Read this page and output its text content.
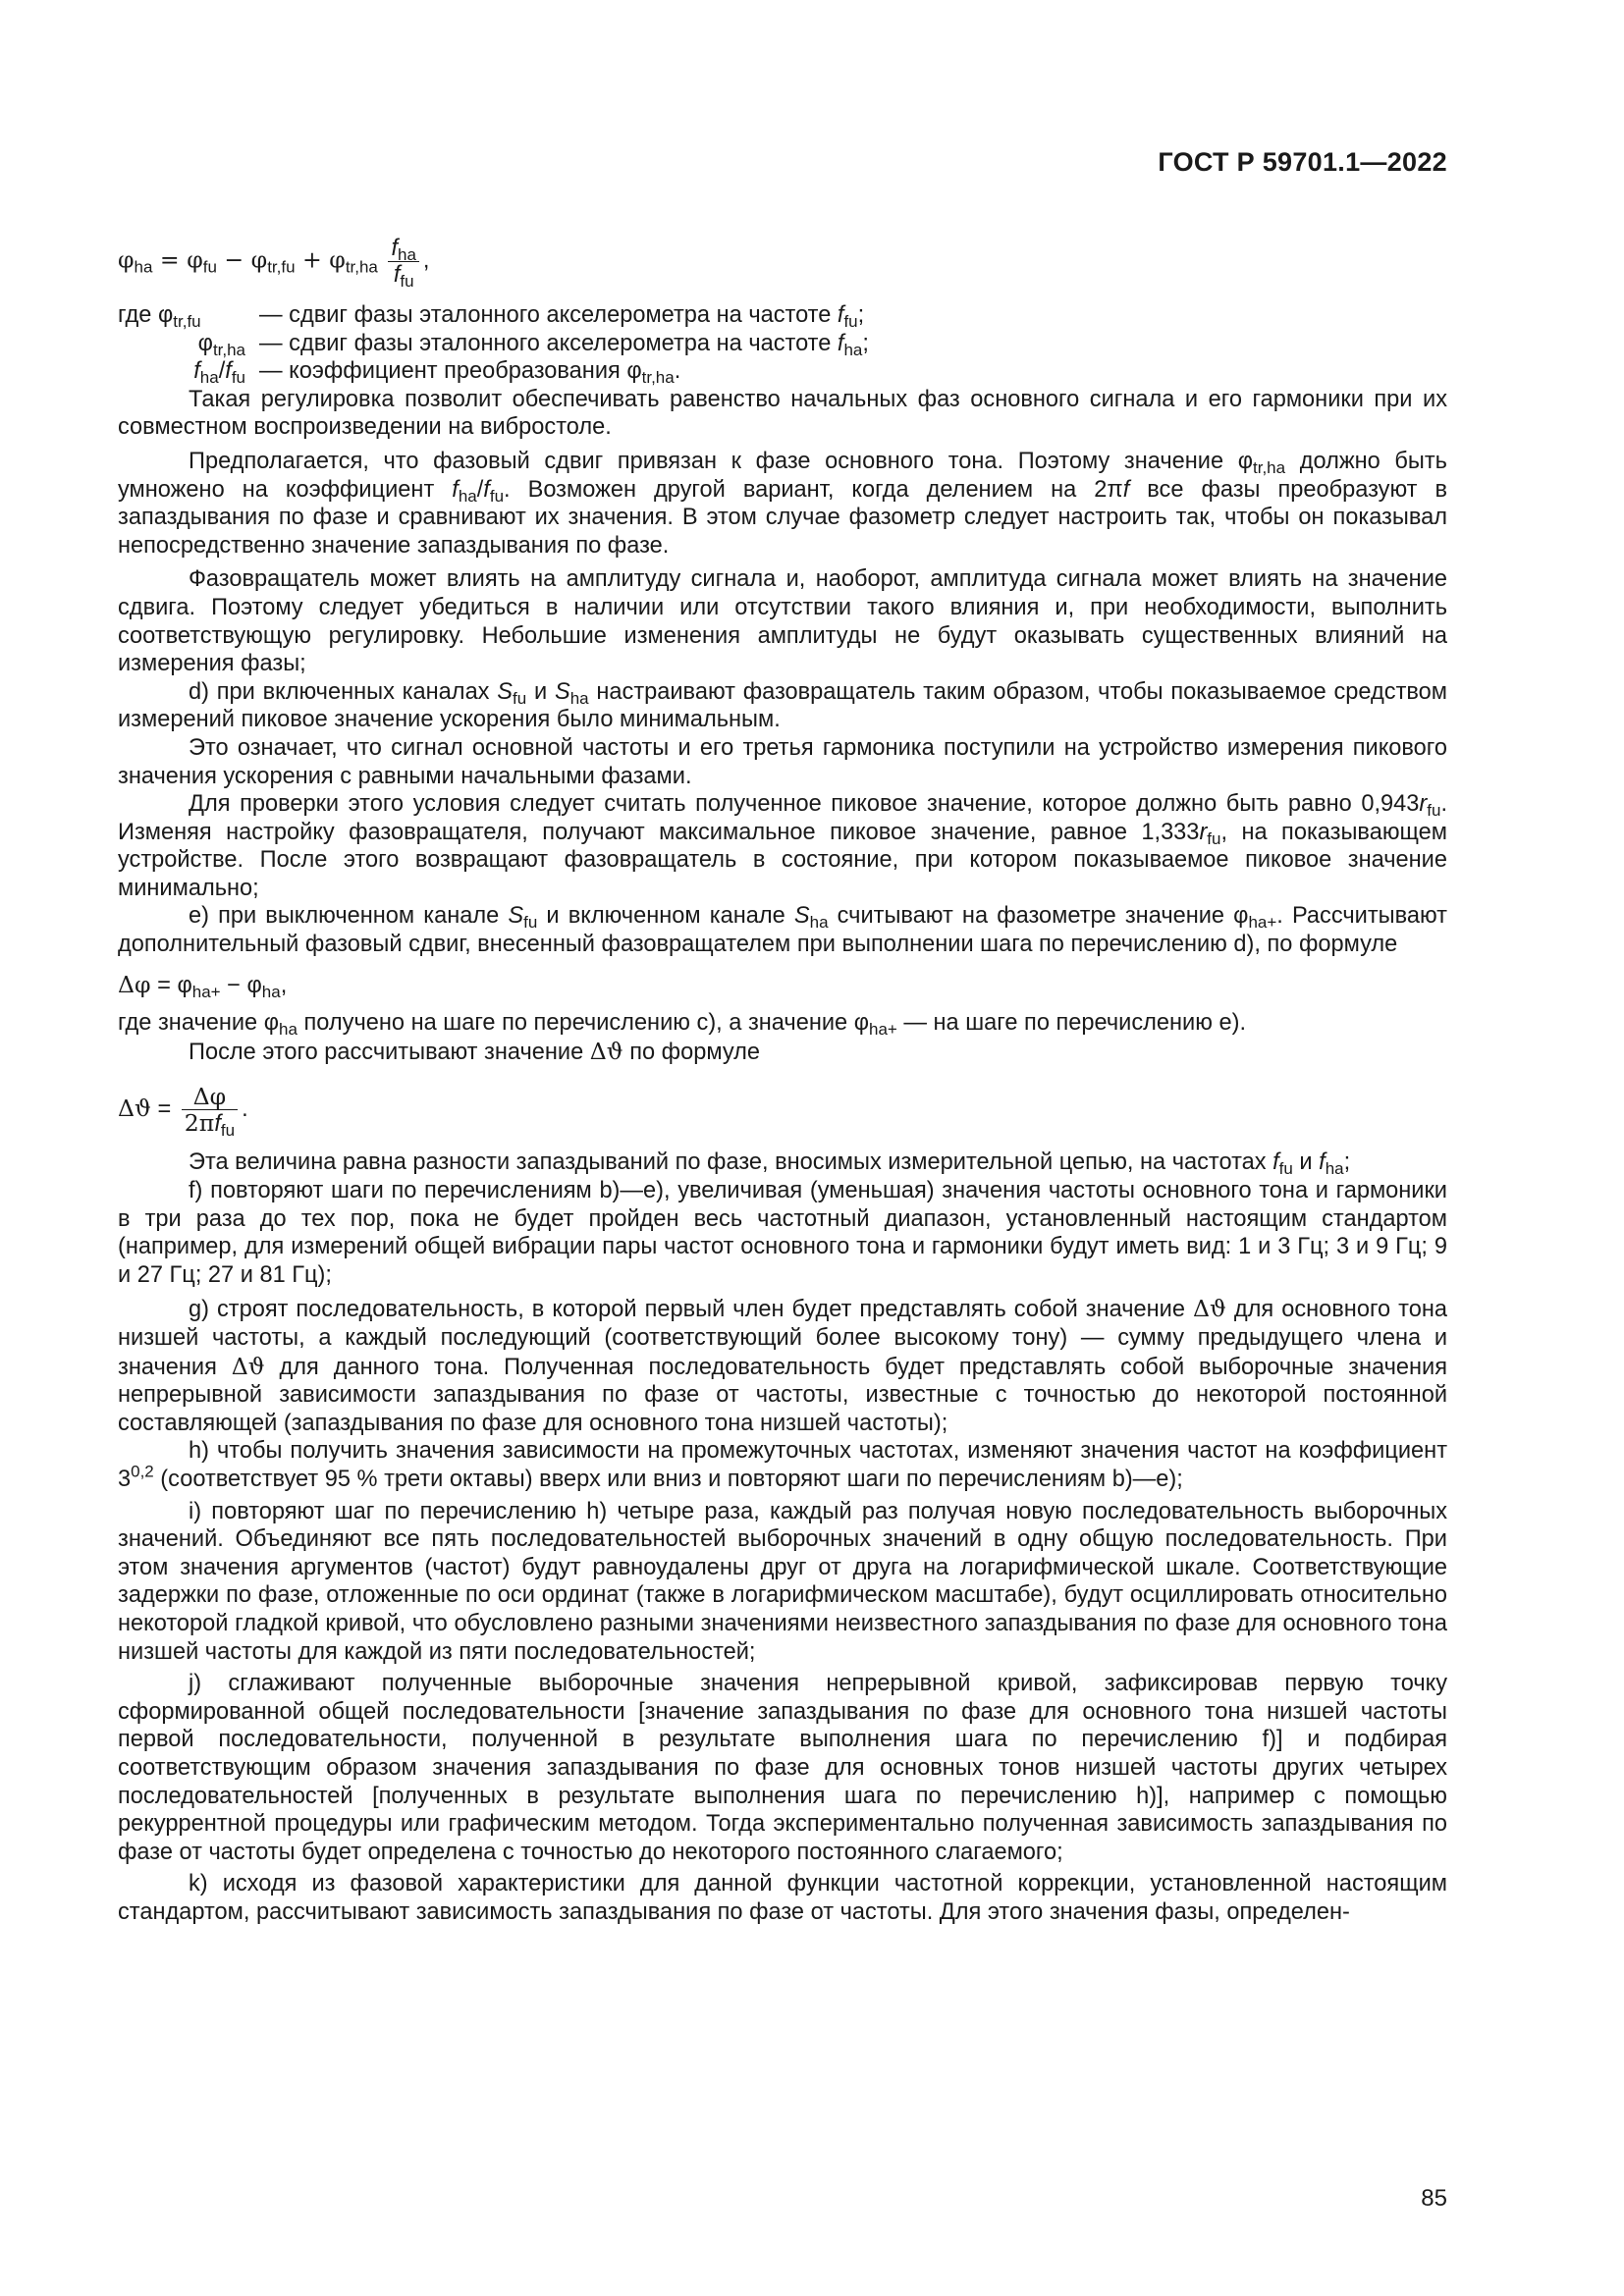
ГОСТ Р 59701.1—2022

$\varphi_{ha} = \varphi_{fu} - \varphi_{tr,fu} + \varphi_{tr,ha} \frac{f_{ha}}{f_{fu}}$ ,

где $\varphi_{tr,fu}$	— сдвиг фазы эталонного акселерометра на частоте $f_{fu}$;

$\varphi_{tr,ha}$ — сдвиг фазы эталонного акселерометра на частоте $f_{ha}$;

$f_{ha}/f_{fu}$ — коэффициент преобразования $\varphi_{tr,ha}$.

Такая регулировка позволит обеспечивать равенство начальных фаз основного сигнала и его гармоники при их совместном воспроизведении на вибростоле.

Предполагается, что фазовый сдвиг привязан к фазе основного тона. Поэтому значение $\varphi_{tr,ha}$ должно быть умножено на коэффициент $f_{ha}/f_{fu}$. Возможен другой вариант, когда делением на 2πf все фазы преобразуют в запаздывания по фазе и сравнивают их значения. В этом случае фазометр следует настроить так, чтобы он показывал непосредственно значение запаздывания по фазе.

Фазовращатель может влиять на амплитуду сигнала и, наоборот, амплитуда сигнала может влиять на значение сдвига. Поэтому следует убедиться в наличии или отсутствии такого влияния и, при необходимости, выполнить соответствующую регулировку. Небольшие изменения амплитуды не будут оказывать существенных влияний на измерения фазы;

d) при включенных каналах $S_{fu}$ и $S_{ha}$ настраивают фазовращатель таким образом, чтобы показываемое средством измерений пиковое значение ускорения было минимальным.

Это означает, что сигнал основной частоты и его третья гармоника поступили на устройство измерения пикового значения ускорения с равными начальными фазами.

Для проверки этого условия следует считать полученное пиковое значение, которое должно быть равно $0,943r_{fu}$. Изменяя настройку фазовращателя, получают максимальное пиковое значение, равное $1,333r_{fu}$, на показывающем устройстве. После этого возвращают фазовращатель в состояние, при котором показываемое пиковое значение минимально;

e) при выключенном канале $S_{fu}$ и включенном канале $S_{ha}$ считывают на фазометре значение $\varphi_{ha+}$. Рассчитывают дополнительный фазовый сдвиг, внесенный фазовращателем при выполнении шага по перечислению d), по формуле

$\Delta\varphi = \varphi_{ha+} - \varphi_{ha}$,

где значение $\varphi_{ha}$ получено на шаге по перечислению c), а значение $\varphi_{ha+}$ — на шаге по перечислению e).

После этого рассчитывают значение Δϑ по формуле

$\Delta ϑ = \frac{\Delta\varphi}{2\pi f_{fu}}$ .

Эта величина равна разности запаздываний по фазе, вносимых измерительной цепью, на частотах $f_{fu}$ и $f_{ha}$;

f) повторяют шаги по перечислениям b)—e), увеличивая (уменьшая) значения частоты основного тона и гармоники в три раза до тех пор, пока не будет пройден весь частотный диапазон, установленный настоящим стандартом (например, для измерений общей вибрации пары частот основного тона и гармоники будут иметь вид: 1 и 3 Гц; 3 и 9 Гц; 9 и 27 Гц; 27 и 81 Гц);

g) строят последовательность, в которой первый член будет представлять собой значение Δϑ для основного тона низшей частоты, а каждый последующий (соответствующий более высокому тону) — сумму предыдущего члена и значения Δϑ для данного тона. Полученная последовательность будет представлять собой выборочные значения непрерывной зависимости запаздывания по фазе от частоты, известные с точностью до некоторой постоянной составляющей (запаздывания по фазе для основного тона низшей частоты);

h) чтобы получить значения зависимости на промежуточных частотах, изменяют значения частот на коэффициент 3$^{0,2}$ (соответствует 95 % трети октавы) вверх или вниз и повторяют шаги по перечислениям b)—e);

i) повторяют шаг по перечислению h) четыре раза, каждый раз получая новую последовательность выборочных значений. Объединяют все пять последовательностей выборочных значений в одну общую последовательность. При этом значения аргументов (частот) будут равноудалены друг от друга на логарифмической шкале. Соответствующие задержки по фазе, отложенные по оси ординат (также в логарифмическом масштабе), будут осциллировать относительно некоторой гладкой кривой, что обусловлено разными значениями неизвестного запаздывания по фазе для основного тона низшей частоты для каждой из пяти последовательностей;

j) сглаживают полученные выборочные значения непрерывной кривой, зафиксировав первую точку сформированной общей последовательности [значение запаздывания по фазе для основного тона низшей частоты первой последовательности, полученной в результате выполнения шага по перечислению f)] и подбирая соответствующим образом значения запаздывания по фазе для основных тонов низшей частоты других четырех последовательностей [полученных в результате выполнения шага по перечислению h)], например с помощью рекуррентной процедуры или графическим методом. Тогда экспериментально полученная зависимость запаздывания по фазе от частоты будет определена с точностью до некоторого постоянного слагаемого;

k) исходя из фазовой характеристики для данной функции частотной коррекции, установленной настоящим стандартом, рассчитывают зависимость запаздывания по фазе от частоты. Для этого значения фазы, определен-

85
